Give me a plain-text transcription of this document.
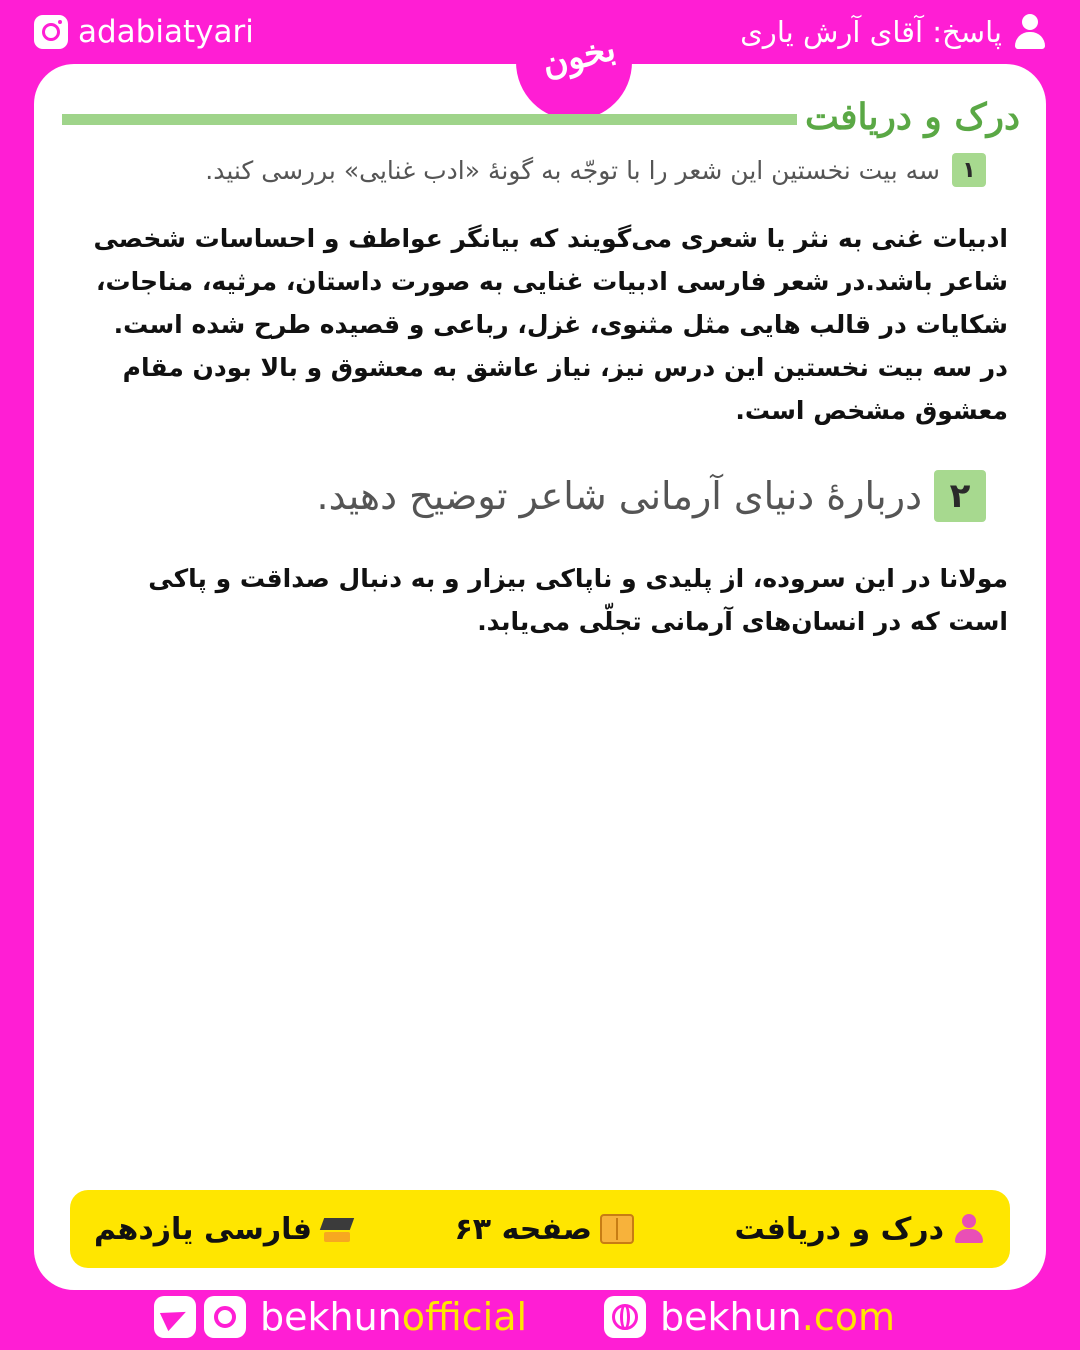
adabiatyari	پاسخ: آقای آرش یاری
بخون
درک و دریافت
۱
سه بیت نخستین این شعر را با توجّه به گونهٔ «ادب غنایی» بررسی کنید.
ادبیات غنی به نثر یا شعری می‌گویند که بیانگر عواطف و احساسات شخصی شاعر باشد.در شعر فارسی ادبیات غنایی به صورت داستان، مرثیه، مناجات، شکایات در قالب هایی مثل مثنوی، غزل، رباعی و قصیده طرح شده است. در سه بیت نخستین این درس نیز، نیاز عاشق به معشوق و بالا بودن مقام معشوق مشخص است.
۲
دربارهٔ دنیای آرمانی شاعر توضیح دهید.
مولانا در این سروده، از پلیدی و ناپاکی بیزار و به دنبال صداقت و پاکی است که در انسان‌های آرمانی تجلّی می‌یابد.
درک و دریافت
صفحه ۶۳
فارسی یازدهم
bekhunofficial	bekhun.com
